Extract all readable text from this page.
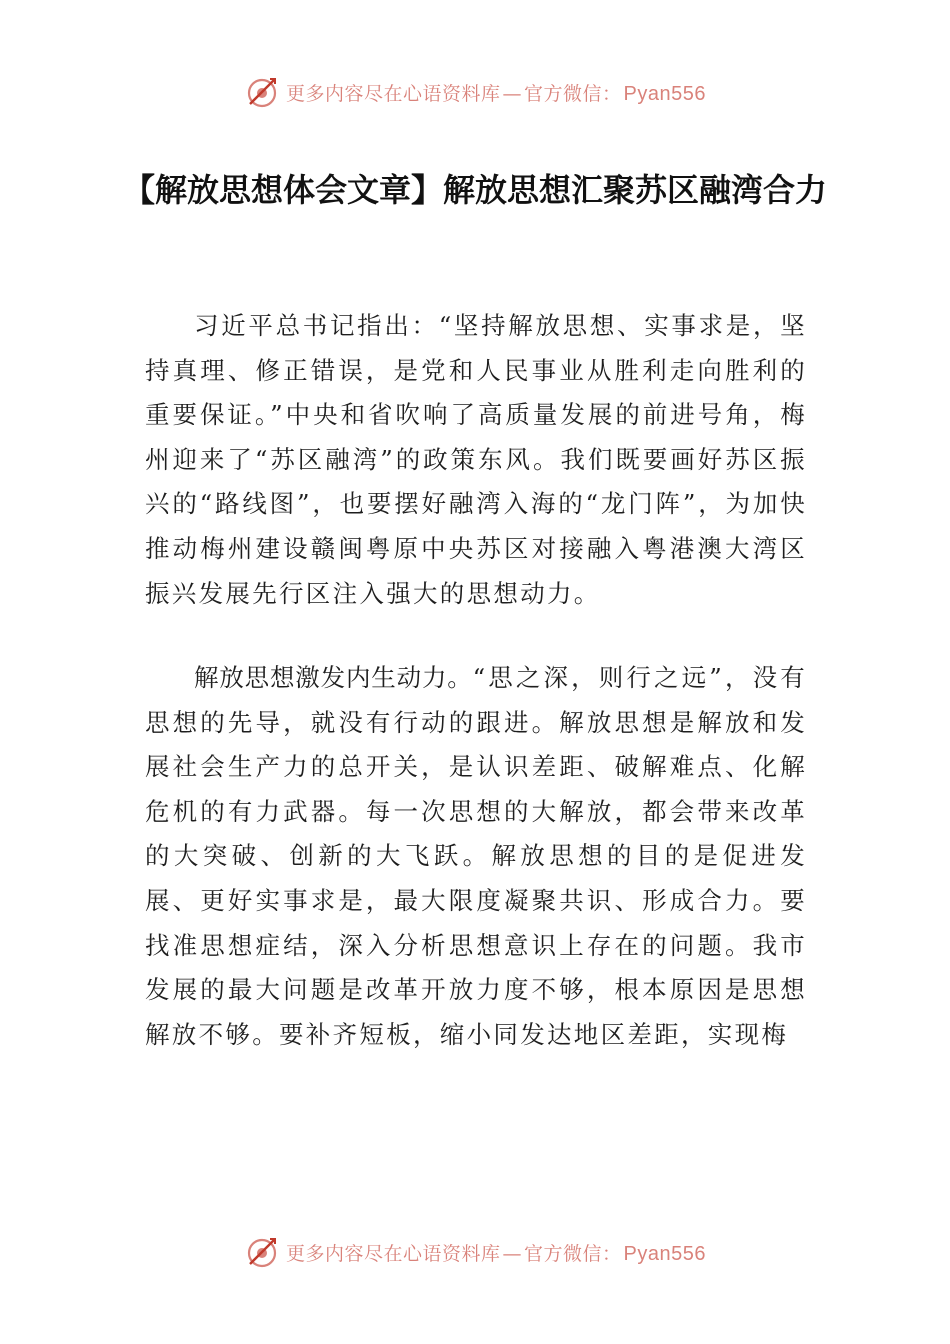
更多内容尽在心语资料库 — 官方微信： Pyan556
【解放思想体会文章】解放思想汇聚苏区融湾合力

习近平总书记指出：“坚持解放思想、实事求是，坚持真理、修正错误，是党和人民事业从胜利走向胜利的重要保证。”中央和省吹响了高质量发展的前进号角，梅州迎来了“苏区融湾”的政策东风。我们既要画好苏区振兴的“路线图”，也要摆好融湾入海的“龙门阵”，为加快推动梅州建设赣闽粤原中央苏区对接融入粤港澳大湾区振兴发展先行区注入强大的思想动力。

解放思想激发内生动力。“思之深，则行之远”，没有思想的先导，就没有行动的跟进。解放思想是解放和发展社会生产力的总开关，是认识差距、破解难点、化解危机的有力武器。每一次思想的大解放，都会带来改革的大突破、创新的大飞跃。解放思想的目的是促进发展、更好实事求是，最大限度凝聚共识、形成合力。要找准思想症结，深入分析思想意识上存在的问题。我市发展的最大问题是改革开放力度不够，根本原因是思想解放不够。要补齐短板，缩小同发达地区差距，实现梅

更多内容尽在心语资料库 — 官方微信： Pyan556
